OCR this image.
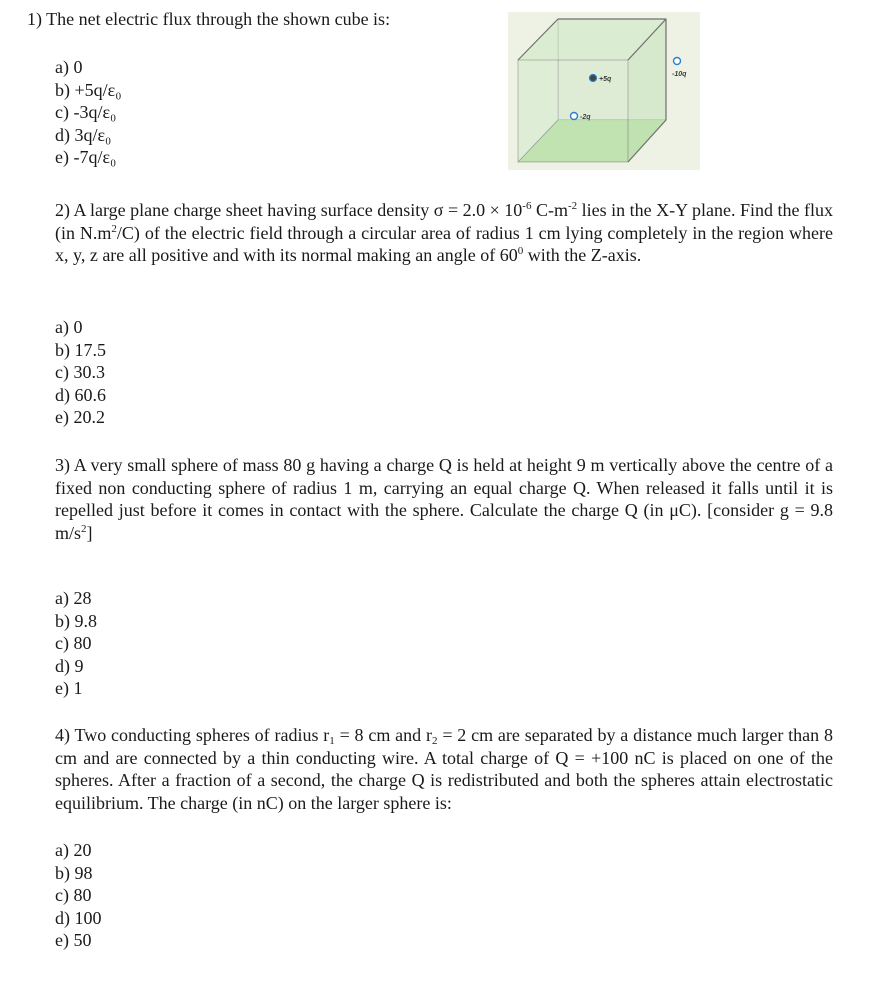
1) The net electric flux through the shown cube is:
a) 0
b) +5q/ε₀
c) -3q/ε₀
d) 3q/ε₀
e) -7q/ε₀
+5q
-2q
-10q
2) A large plane charge sheet having surface density $\sigma = 2.0 \times 10^{-6}$ $C-m^{-2}$ lies in the X-Y plane. Find the flux (in $N.m^2/C$) of the electric field through a circular area of radius 1 cm lying completely in the region where x, y, z are all positive and with its normal making an angle of $60^0$ with the Z-axis.
a) 0
b) 17.5
c) 30.3
d) 60.6
e) 20.2
3) A very small sphere of mass 80 g having a charge Q is held at height 9 m vertically above the centre of a fixed non conducting sphere of radius 1 m, carrying an equal charge Q. When released it falls until it is repelled just before it comes in contact with the sphere. Calculate the charge Q (in μC). [consider g = 9.8 $m/s^2$]
a) 28
b) 9.8
c) 80
d) 9
e) 1
4) Two conducting spheres of radius $r_1 = 8$ cm and $r_2 = 2$ cm are separated by a distance much larger than 8 cm and are connected by a thin conducting wire. A total charge of Q = +100 nC is placed on one of the spheres. After a fraction of a second, the charge Q is redistributed and both the spheres attain electrostatic equilibrium. The charge (in nC) on the larger sphere is:
a) 20
b) 98
c) 80
d) 100
e) 50
